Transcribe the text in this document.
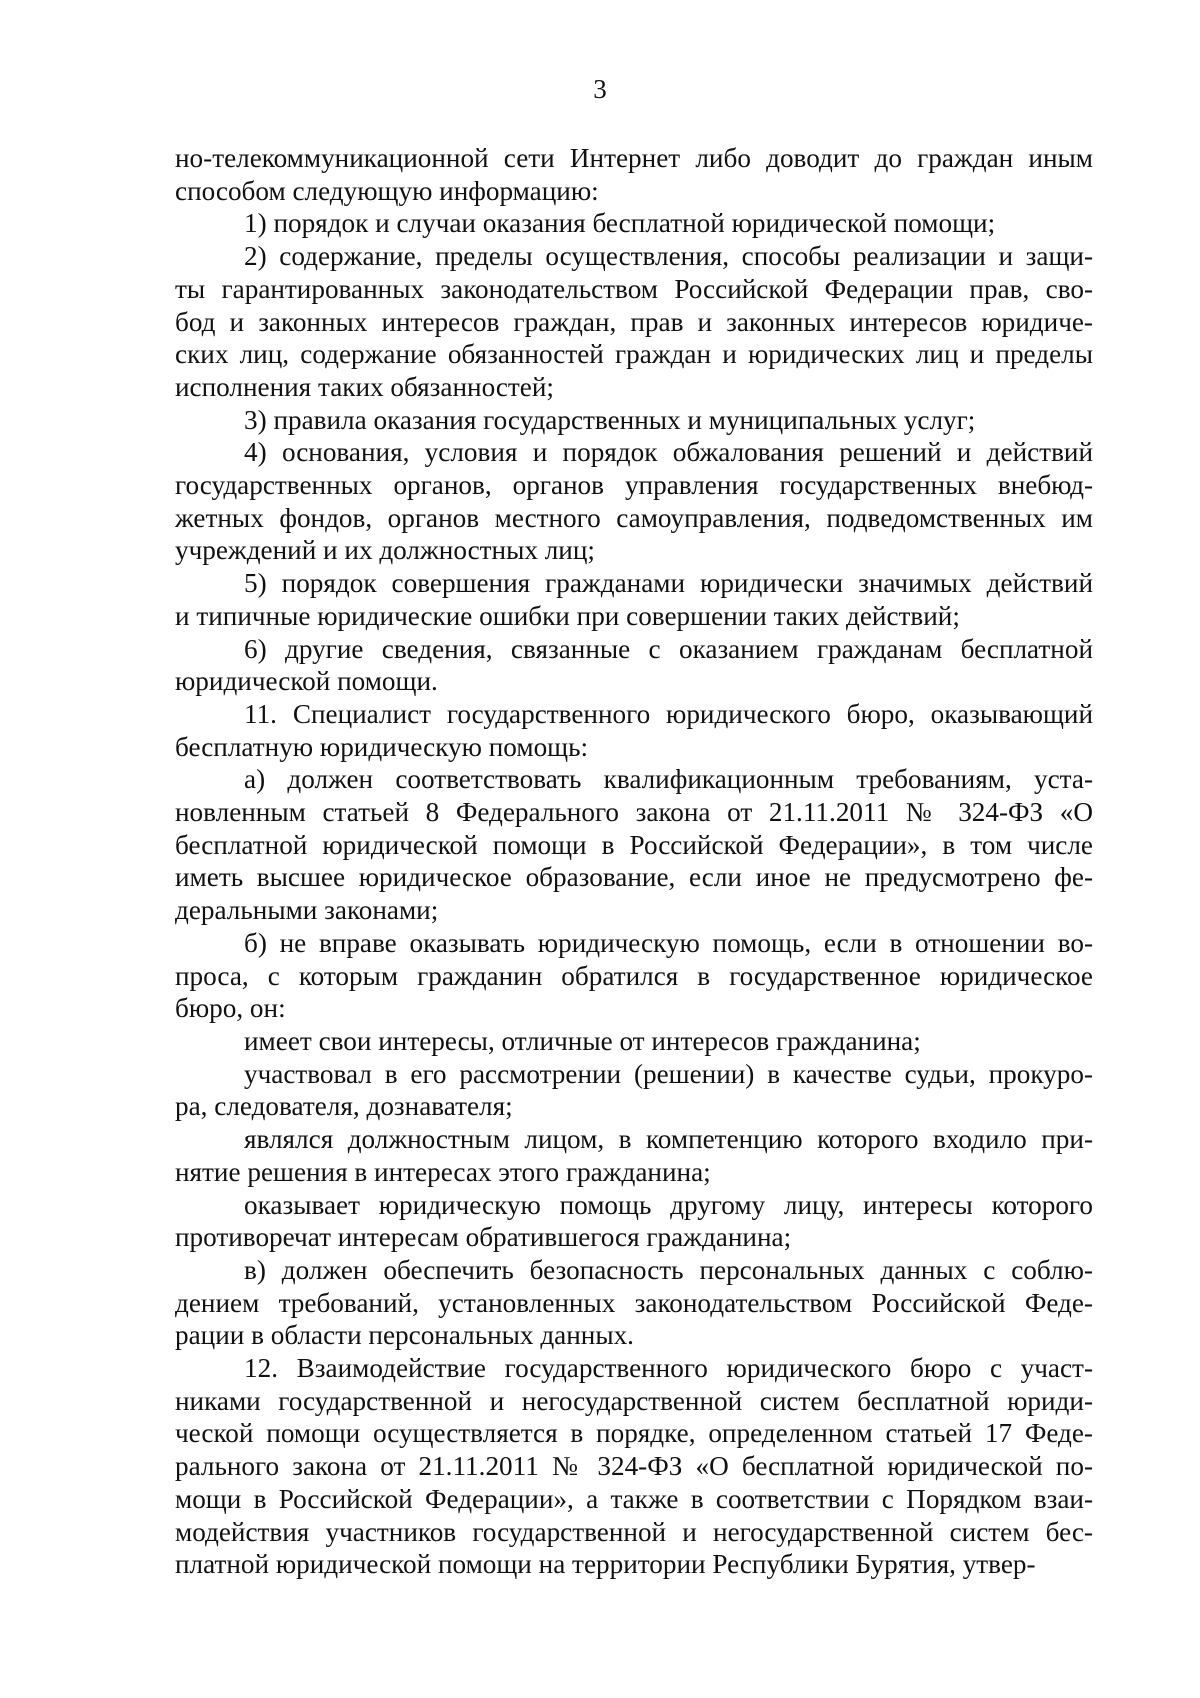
3
но-телекоммуникационной сети Интернет либо доводит до граждан иным
способом следующую информацию:
1) порядок и случаи оказания бесплатной юридической помощи;
2) содержание, пределы осуществления, способы реализации и защи-
ты гарантированных законодательством Российской Федерации прав, сво-
бод и законных интересов граждан, прав и законных интересов юридиче-
ских лиц, содержание обязанностей граждан и юридических лиц и пределы
исполнения таких обязанностей;
3) правила оказания государственных и муниципальных услуг;
4) основания, условия и порядок обжалования решений и действий
государственных органов, органов управления государственных внебюд-
жетных фондов, органов местного самоуправления, подведомственных им
учреждений и их должностных лиц;
5) порядок совершения гражданами юридически значимых действий
и типичные юридические ошибки при совершении таких действий;
6) другие сведения, связанные с оказанием гражданам бесплатной
юридической помощи.
11. Специалист государственного юридического бюро, оказывающий
бесплатную юридическую помощь:
а) должен соответствовать квалификационным требованиям, уста-
новленным статьей 8 Федерального закона от 21.11.2011 № 324-ФЗ «О
бесплатной юридической помощи в Российской Федерации», в том числе
иметь высшее юридическое образование, если иное не предусмотрено фе-
деральными законами;
б) не вправе оказывать юридическую помощь, если в отношении во-
проса, с которым гражданин обратился в государственное юридическое
бюро, он:
имеет свои интересы, отличные от интересов гражданина;
участвовал в его рассмотрении (решении) в качестве судьи, прокуро-
ра, следователя, дознавателя;
являлся должностным лицом, в компетенцию которого входило при-
нятие решения в интересах этого гражданина;
оказывает юридическую помощь другому лицу, интересы которого
противоречат интересам обратившегося гражданина;
в) должен обеспечить безопасность персональных данных с соблю-
дением требований, установленных законодательством Российской Феде-
рации в области персональных данных.
12. Взаимодействие государственного юридического бюро с участ-
никами государственной и негосударственной систем бесплатной юриди-
ческой помощи осуществляется в порядке, определенном статьей 17 Феде-
рального закона от 21.11.2011 № 324-ФЗ «О бесплатной юридической по-
мощи в Российской Федерации», а также в соответствии с Порядком взаи-
модействия участников государственной и негосударственной систем бес-
платной юридической помощи на территории Республики Бурятия, утвер-
